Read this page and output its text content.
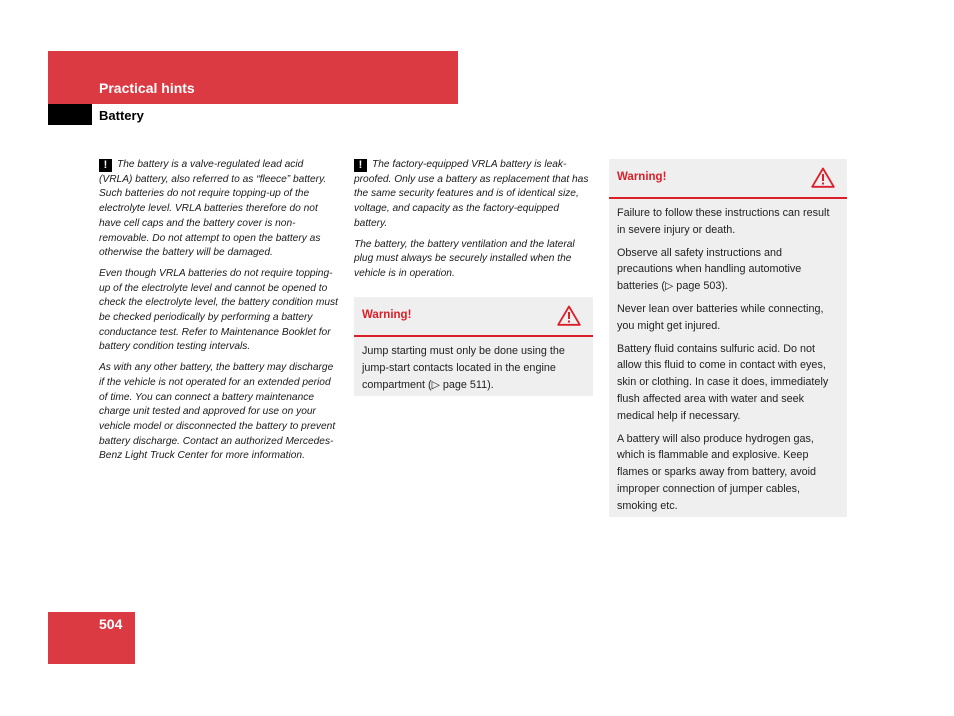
Practical hints
Battery

! The battery is a valve-regulated lead acid (VRLA) battery, also referred to as “fleece” battery. Such batteries do not require topping-up of the electrolyte level. VRLA batteries therefore do not have cell caps and the battery cover is non-removable. Do not attempt to open the battery as otherwise the battery will be damaged.

Even though VRLA batteries do not require topping-up of the electrolyte level and cannot be opened to check the electrolyte level, the battery condition must be checked periodically by performing a battery conductance test. Refer to Maintenance Booklet for battery condition testing intervals.

As with any other battery, the battery may discharge if the vehicle is not operated for an extended period of time. You can connect a battery maintenance charge unit tested and approved for use on your vehicle model or disconnected the battery to prevent battery discharge. Contact an authorized Mercedes-Benz Light Truck Center for more information.

! The factory-equipped VRLA battery is leak-proofed. Only use a battery as replacement that has the same security features and is of identical size, voltage, and capacity as the factory-equipped battery.

The battery, the battery ventilation and the lateral plug must always be securely installed when the vehicle is in operation.

Warning!

Jump starting must only be done using the jump-start contacts located in the engine compartment (▷ page 511).

Warning!

Failure to follow these instructions can result in severe injury or death.

Observe all safety instructions and precautions when handling automotive batteries (▷ page 503).

Never lean over batteries while connecting, you might get injured.

Battery fluid contains sulfuric acid. Do not allow this fluid to come in contact with eyes, skin or clothing. In case it does, immediately flush affected area with water and seek medical help if necessary.

A battery will also produce hydrogen gas, which is flammable and explosive. Keep flames or sparks away from battery, avoid improper connection of jumper cables, smoking etc.

504
